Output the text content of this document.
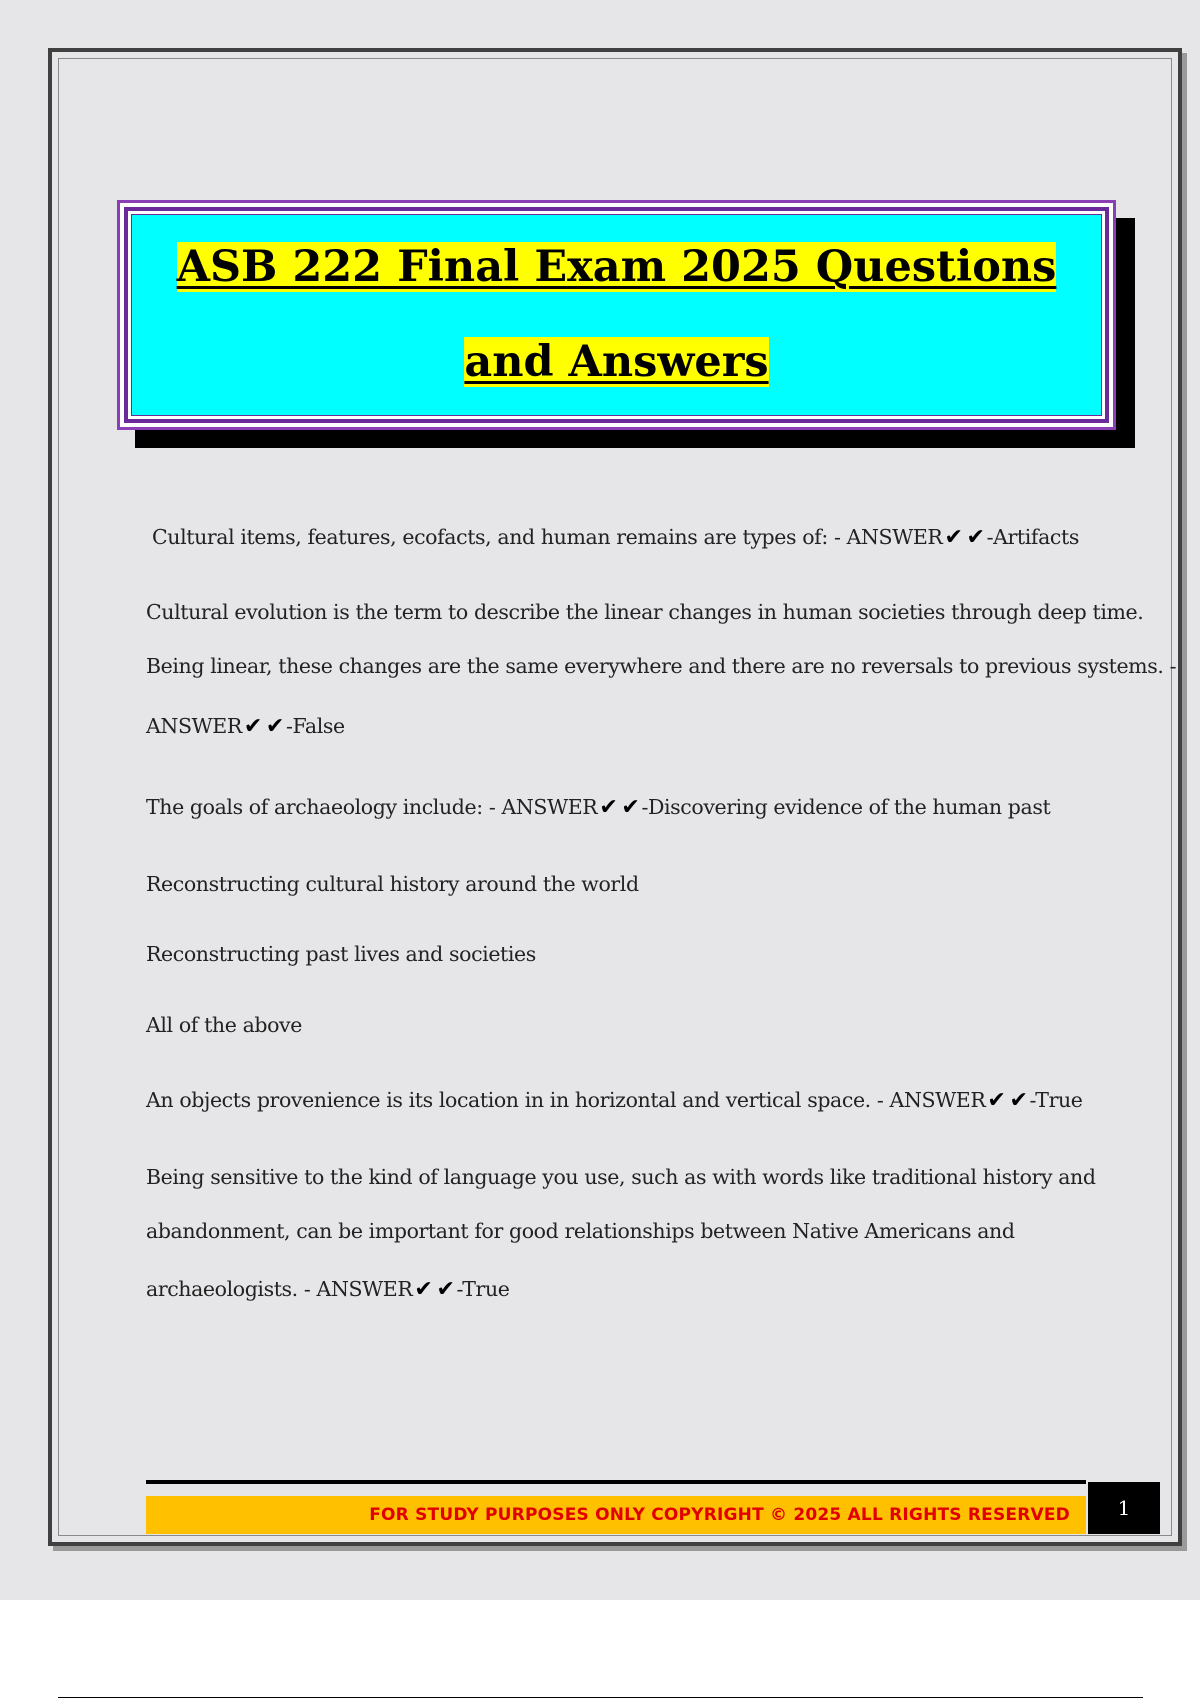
ASB 222 Final Exam 2025 Questions
and Answers

Cultural items, features, ecofacts, and human remains are types of: - ANSWER✔ ✔-Artifacts
Cultural evolution is the term to describe the linear changes in human societies through deep time.
Being linear, these changes are the same everywhere and there are no reversals to previous systems. -
ANSWER✔ ✔-False
The goals of archaeology include: - ANSWER✔ ✔-Discovering evidence of the human past
Reconstructing cultural history around the world
Reconstructing past lives and societies
All of the above
An objects provenience is its location in in horizontal and vertical space. - ANSWER✔ ✔-True
Being sensitive to the kind of language you use, such as with words like traditional history and
abandonment, can be important for good relationships between Native Americans and
archaeologists. - ANSWER✔ ✔-True
FOR STUDY PURPOSES ONLY COPYRIGHT © 2025 ALL RIGHTS RESERVED	1
